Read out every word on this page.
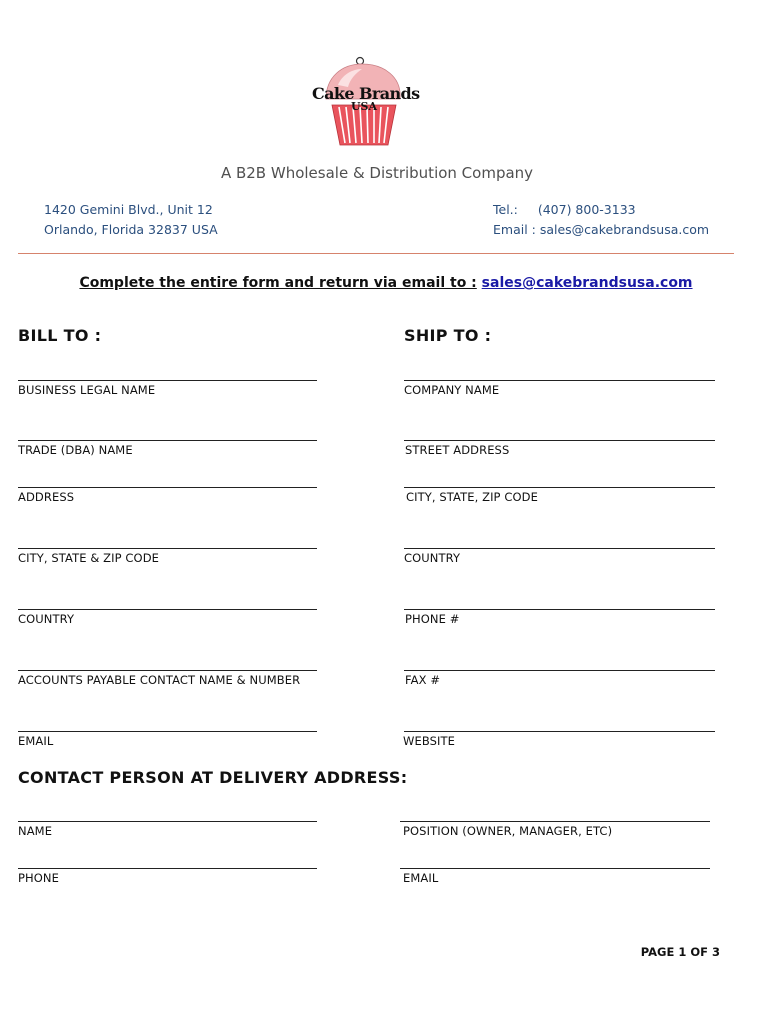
Cake Brands
USA
A B2B Wholesale & Distribution Company
1420 Gemini Blvd., Unit 12
Orlando, Florida 32837 USA
Tel.: (407) 800-3133
Email : sales@cakebrandsusa.com
Complete the entire form and return via email to : sales@cakebrandsusa.com
BILL TO :	SHIP TO :
BUSINESS LEGAL NAME
TRADE (DBA) NAME
ADDRESS
CITY, STATE & ZIP CODE
COUNTRY
ACCOUNTS PAYABLE CONTACT NAME & NUMBER
EMAIL
COMPANY NAME
STREET ADDRESS
CITY, STATE, ZIP CODE
COUNTRY
PHONE #
FAX #
WEBSITE
CONTACT PERSON AT DELIVERY ADDRESS:
NAME
PHONE
POSITION (OWNER, MANAGER, ETC)
EMAIL
PAGE 1 OF 3
